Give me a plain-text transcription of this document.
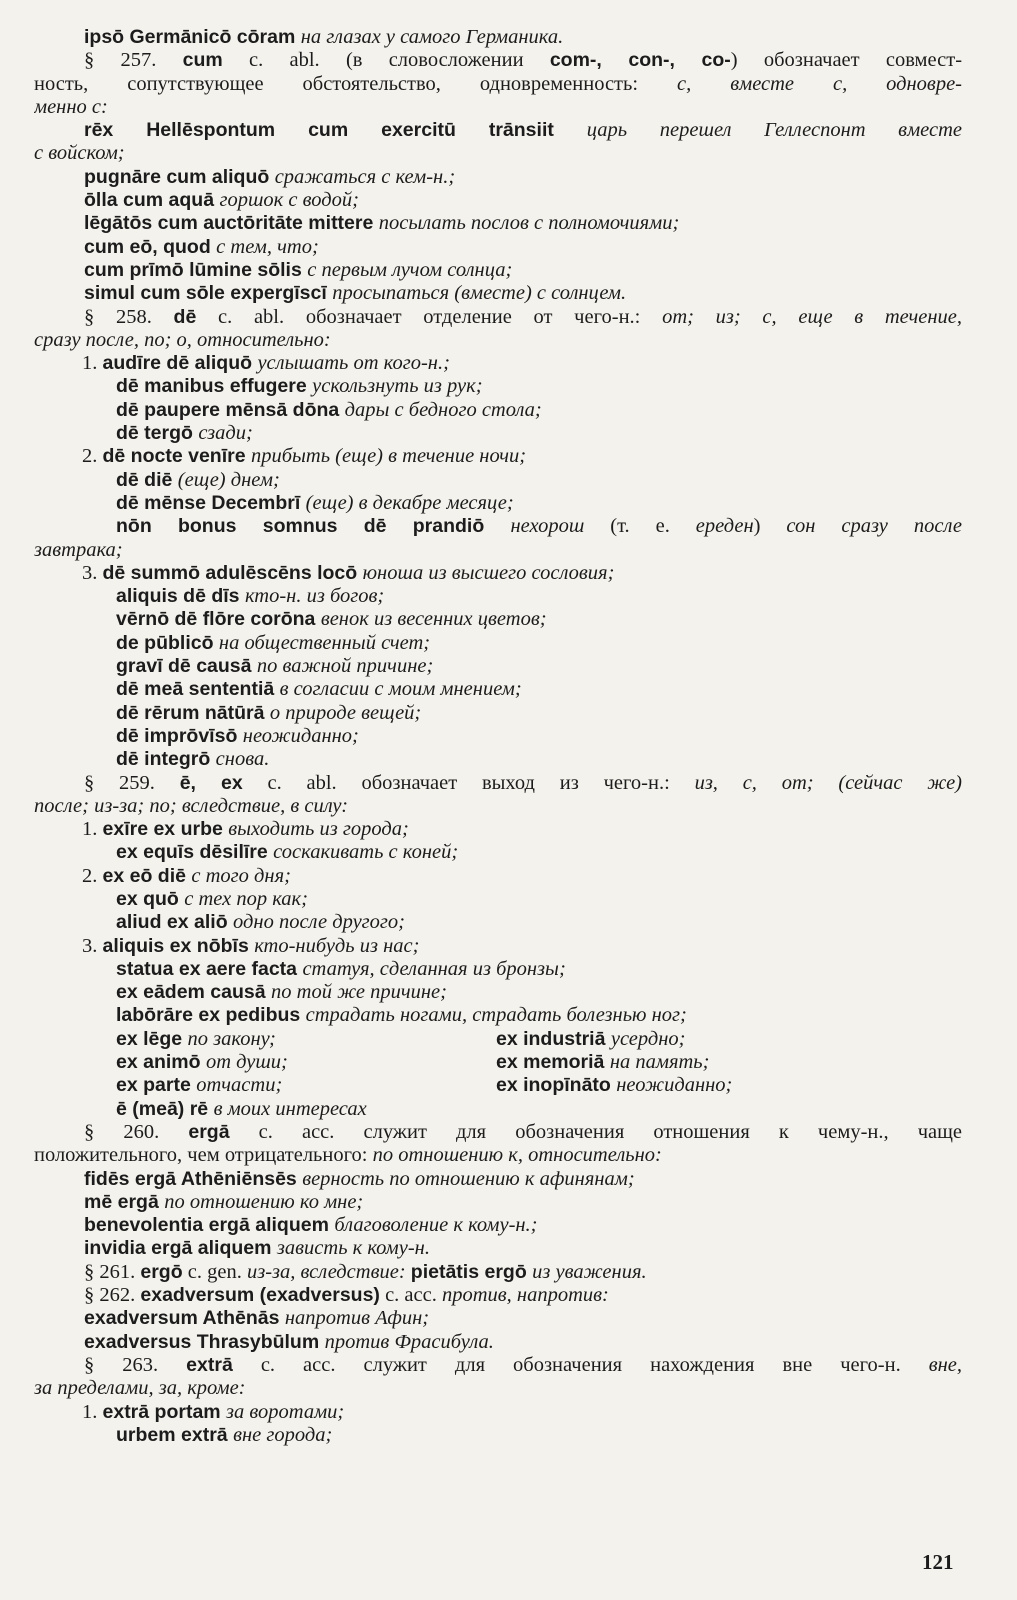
ipsō Germānicō cōram на глазах у самого Германика.
§ 257. cum c. abl. (в словосложении com-, con-, co-) обозначает совмест-
ность, сопутствующее обстоятельство, одновременность: с, вместе с, одновре-
менно с:
rēx Hellēspontum cum exercitū trānsiit царь перешел Геллеспонт вместе
с войском;
pugnāre cum aliquō сражаться с кем-н.;
ōlla cum aquā горшок с водой;
lēgātōs cum auctōritāte mittere посылать послов с полномочиями;
cum eō, quod с тем, что;
cum prīmō lūmine sōlis с первым лучом солнца;
simul cum sōle expergīscī просыпаться (вместе) с солнцем.
§ 258. dē c. abl. обозначает отделение от чего-н.: от; из; с, еще в течение,
сразу после, по; о, относительно:
1. audīre dē aliquō услышать от кого-н.;
dē manibus effugere ускользнуть из рук;
dē paupere mēnsā dōna дары с бедного стола;
dē tergō сзади;
2. dē nocte venīre прибыть (еще) в течение ночи;
dē diē (еще) днем;
dē mēnse Decembrī (еще) в декабре месяце;
nōn bonus somnus dē prandiō нехорош (т. е. ереден) сон сразу после
завтрака;
3. dē summō adulēscēns locō юноша из высшего сословия;
aliquis dē dīs кто-н. из богов;
vērnō dē flōre corōna венок из весенних цветов;
de pūblicō на общественный счет;
gravī dē causā по важной причине;
dē meā sententiā в согласии с моим мнением;
dē rērum nātūrā о природе вещей;
dē imprōvīsō неожиданно;
dē integrō снова.
§ 259. ē, ex c. abl. обозначает выход из чего-н.: из, с, от; (сейчас же)
после; из-за; по; вследствие, в силу:
1. exīre ex urbe выходить из города;
ex equīs dēsilīre соскакивать с коней;
2. ex eō diē с того дня;
ex quō с тех пор как;
aliud ex aliō одно после другого;
3. aliquis ex nōbīs кто-нибудь из нас;
statua ex aere facta статуя, сделанная из бронзы;
ex eādem causā по той же причине;
labōrāre ex pedibus страдать ногами, страдать болезнью ног;
ex lēge по закону;	ex industriā усердно;
ex animō от души;	ex memoriā на память;
ex parte отчасти;	ex inopīnāto неожиданно;
ē (meā) rē в моих интересах
§ 260. ergā c. acc. служит для обозначения отношения к чему-н., чаще
положительного, чем отрицательного: по отношению к, относительно:
fidēs ergā Athēniēnsēs верность по отношению к афинянам;
mē ergā по отношению ко мне;
benevolentia ergā aliquem благоволение к кому-н.;
invidia ergā aliquem зависть к кому-н.
§ 261. ergō c. gen. из-за, вследствие: pietātis ergō из уважения.
§ 262. exadversum (exadversus) c. acc. против, напротив:
exadversum Athēnās напротив Афин;
exadversus Thrasybūlum против Фрасибула.
§ 263. extrā c. acc. служит для обозначения нахождения вне чего-н. вне,
за пределами, за, кроме:
1. extrā portam за воротами;
urbem extrā вне города;
121
